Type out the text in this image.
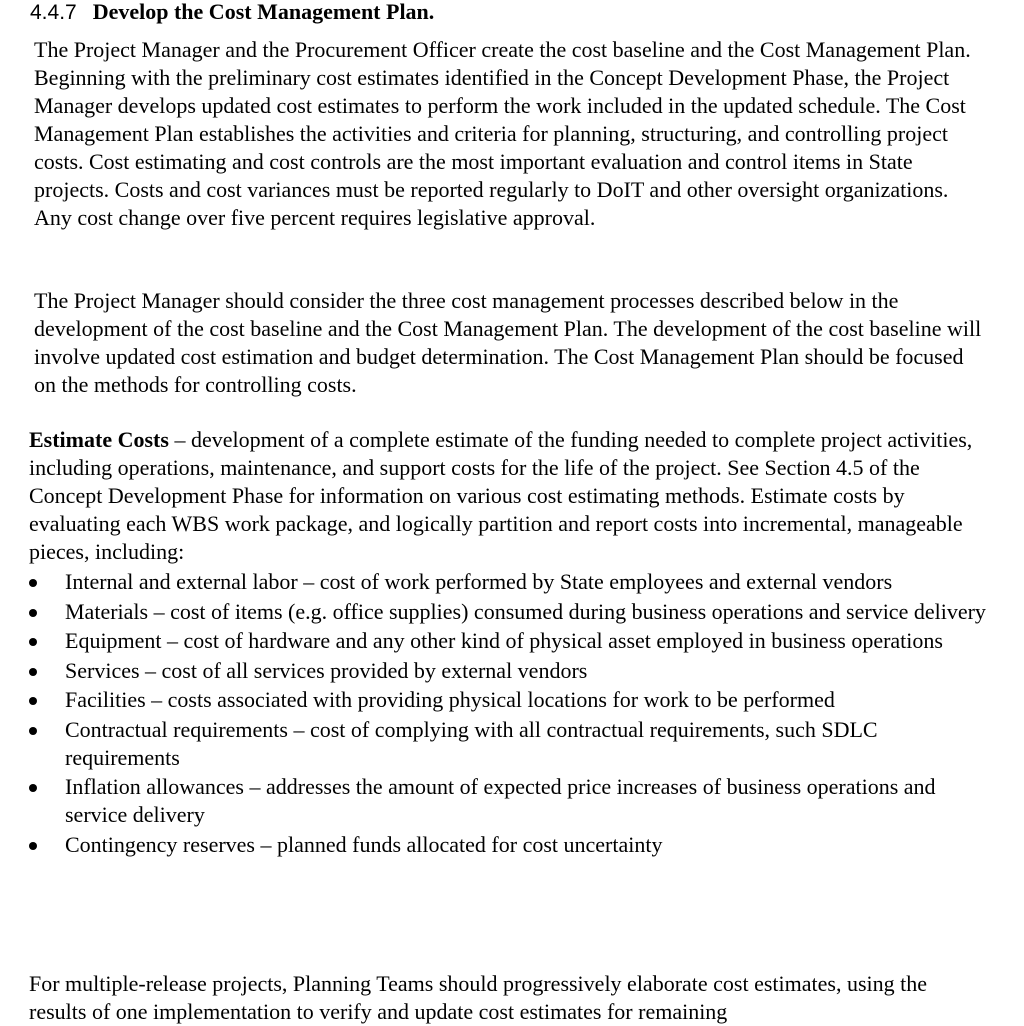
4.4.7 Develop the Cost Management Plan.

The Project Manager and the Procurement Officer create the cost baseline and the Cost Management Plan. Beginning with the preliminary cost estimates identified in the Concept Development Phase, the Project Manager develops updated cost estimates to perform the work included in the updated schedule. The Cost Management Plan establishes the activities and criteria for planning, structuring, and controlling project costs. Cost estimating and cost controls are the most important evaluation and control items in State projects. Costs and cost variances must be reported regularly to DoIT and other oversight organizations. Any cost change over five percent requires legislative approval.

The Project Manager should consider the three cost management processes described below in the development of the cost baseline and the Cost Management Plan. The development of the cost baseline will involve updated cost estimation and budget determination. The Cost Management Plan should be focused on the methods for controlling costs.

Estimate Costs – development of a complete estimate of the funding needed to complete project activities, including operations, maintenance, and support costs for the life of the project. See Section 4.5 of the Concept Development Phase for information on various cost estimating methods. Estimate costs by evaluating each WBS work package, and logically partition and report costs into incremental, manageable pieces, including:

Internal and external labor – cost of work performed by State employees and external vendors
Materials – cost of items (e.g. office supplies) consumed during business operations and service delivery
Equipment – cost of hardware and any other kind of physical asset employed in business operations
Services – cost of all services provided by external vendors
Facilities – costs associated with providing physical locations for work to be performed
Contractual requirements – cost of complying with all contractual requirements, such SDLC requirements
Inflation allowances – addresses the amount of expected price increases of business operations and service delivery
Contingency reserves – planned funds allocated for cost uncertainty

For multiple-release projects, Planning Teams should progressively elaborate cost estimates, using the results of one implementation to verify and update cost estimates for remaining
